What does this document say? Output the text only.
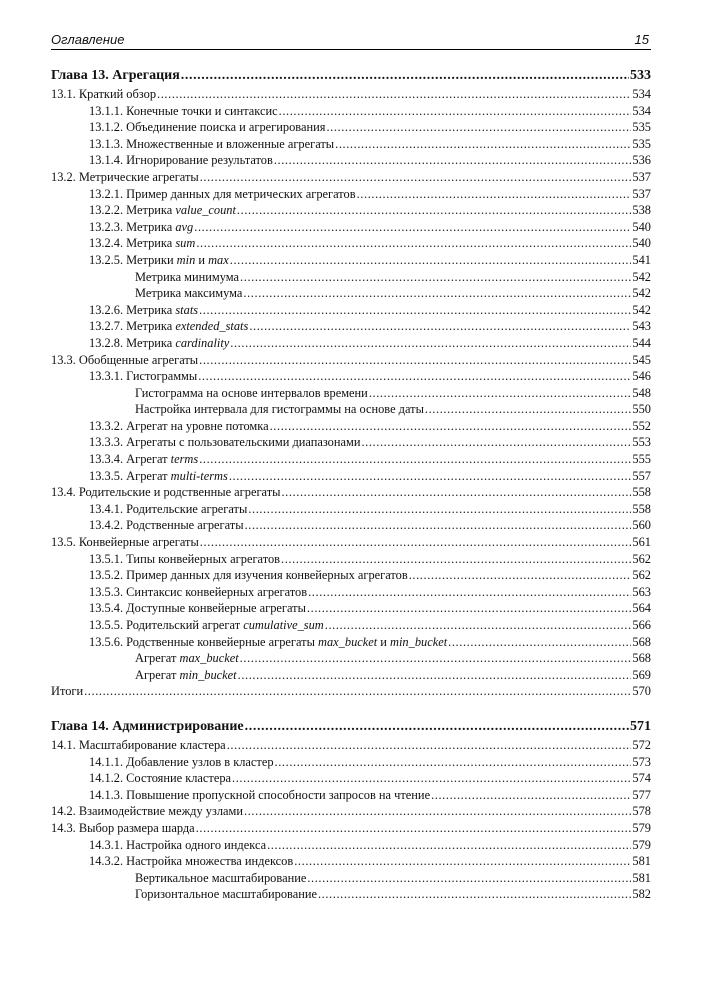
Оглавление	15
Глава 13. Агрегация .....	533
13.1. Краткий обзор .....	534
13.1.1. Конечные точки и синтаксис .....	534
13.1.2. Объединение поиска и агрегирования .....	535
13.1.3. Множественные и вложенные агрегаты .....	535
13.1.4. Игнорирование результатов .....	536
13.2. Метрические агрегаты .....	537
13.2.1. Пример данных для метрических агрегатов .....	537
13.2.2. Метрика value_count .....	538
13.2.3. Метрика avg .....	540
13.2.4. Метрика sum .....	540
13.2.5. Метрики min и max .....	541
Метрика минимума .....	542
Метрика максимума .....	542
13.2.6. Метрика stats .....	542
13.2.7. Метрика extended_stats .....	543
13.2.8. Метрика cardinality .....	544
13.3. Обобщенные агрегаты .....	545
13.3.1. Гистограммы .....	546
Гистограмма на основе интервалов времени .....	548
Настройка интервала для гистограммы на основе даты .....	550
13.3.2. Агрегат на уровне потомка .....	552
13.3.3. Агрегаты с пользовательскими диапазонами .....	553
13.3.4. Агрегат terms .....	555
13.3.5. Агрегат multi-terms .....	557
13.4. Родительские и родственные агрегаты .....	558
13.4.1. Родительские агрегаты .....	558
13.4.2. Родственные агрегаты .....	560
13.5. Конвейерные агрегаты .....	561
13.5.1. Типы конвейерных агрегатов .....	562
13.5.2. Пример данных для изучения конвейерных агрегатов .....	562
13.5.3. Синтаксис конвейерных агрегатов .....	563
13.5.4. Доступные конвейерные агрегаты .....	564
13.5.5. Родительский агрегат cumulative_sum .....	566
13.5.6. Родственные конвейерные агрегаты max_bucket и min_bucket .....	568
Агрегат max_bucket .....	568
Агрегат min_bucket .....	569
Итоги .....	570
Глава 14. Администрирование .....	571
14.1. Масштабирование кластера .....	572
14.1.1. Добавление узлов в кластер .....	573
14.1.2. Состояние кластера .....	574
14.1.3. Повышение пропускной способности запросов на чтение .....	577
14.2. Взаимодействие между узлами .....	578
14.3. Выбор размера шарда .....	579
14.3.1. Настройка одного индекса .....	579
14.3.2. Настройка множества индексов .....	581
Вертикальное масштабирование .....	581
Горизонтальное масштабирование .....	582
